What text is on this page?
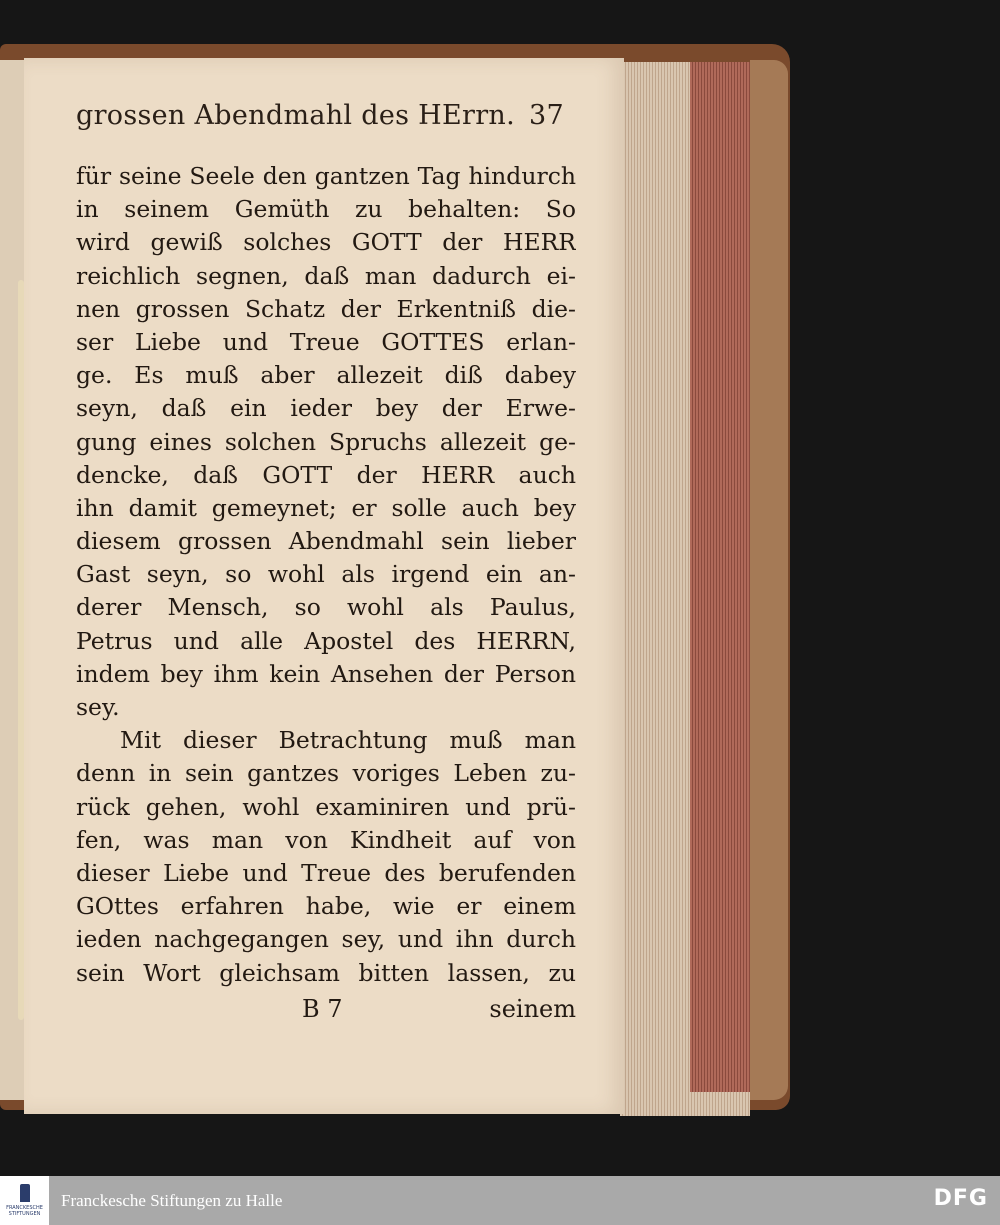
grossen Abendmahl des HErrn. 37
für seine Seele den gantzen Tag hindurch
in seinem Gemüth zu behalten: So
wird gewiß solches GOTT der HERR
reichlich segnen, daß man dadurch ei-
nen grossen Schatz der Erkentniß die-
ser Liebe und Treue GOTTES erlan-
ge. Es muß aber allezeit diß dabey
seyn, daß ein ieder bey der Erwe-
gung eines solchen Spruchs allezeit ge-
dencke, daß GOTT der HERR auch
ihn damit gemeynet; er solle auch bey
diesem grossen Abendmahl sein lieber
Gast seyn, so wohl als irgend ein an-
derer Mensch, so wohl als Paulus,
Petrus und alle Apostel des HERRN,
indem bey ihm kein Ansehen der Person
sey.
Mit dieser Betrachtung muß man
denn in sein gantzes voriges Leben zu-
rück gehen, wohl examiniren und prü-
fen, was man von Kindheit auf von
dieser Liebe und Treue des berufenden
GOttes erfahren habe, wie er einem
ieden nachgegangen sey, und ihn durch
sein Wort gleichsam bitten lassen, zu
B 7	seinem
FRANCKESCHE STIFTUNGEN
Franckesche Stiftungen zu Halle	DFG
